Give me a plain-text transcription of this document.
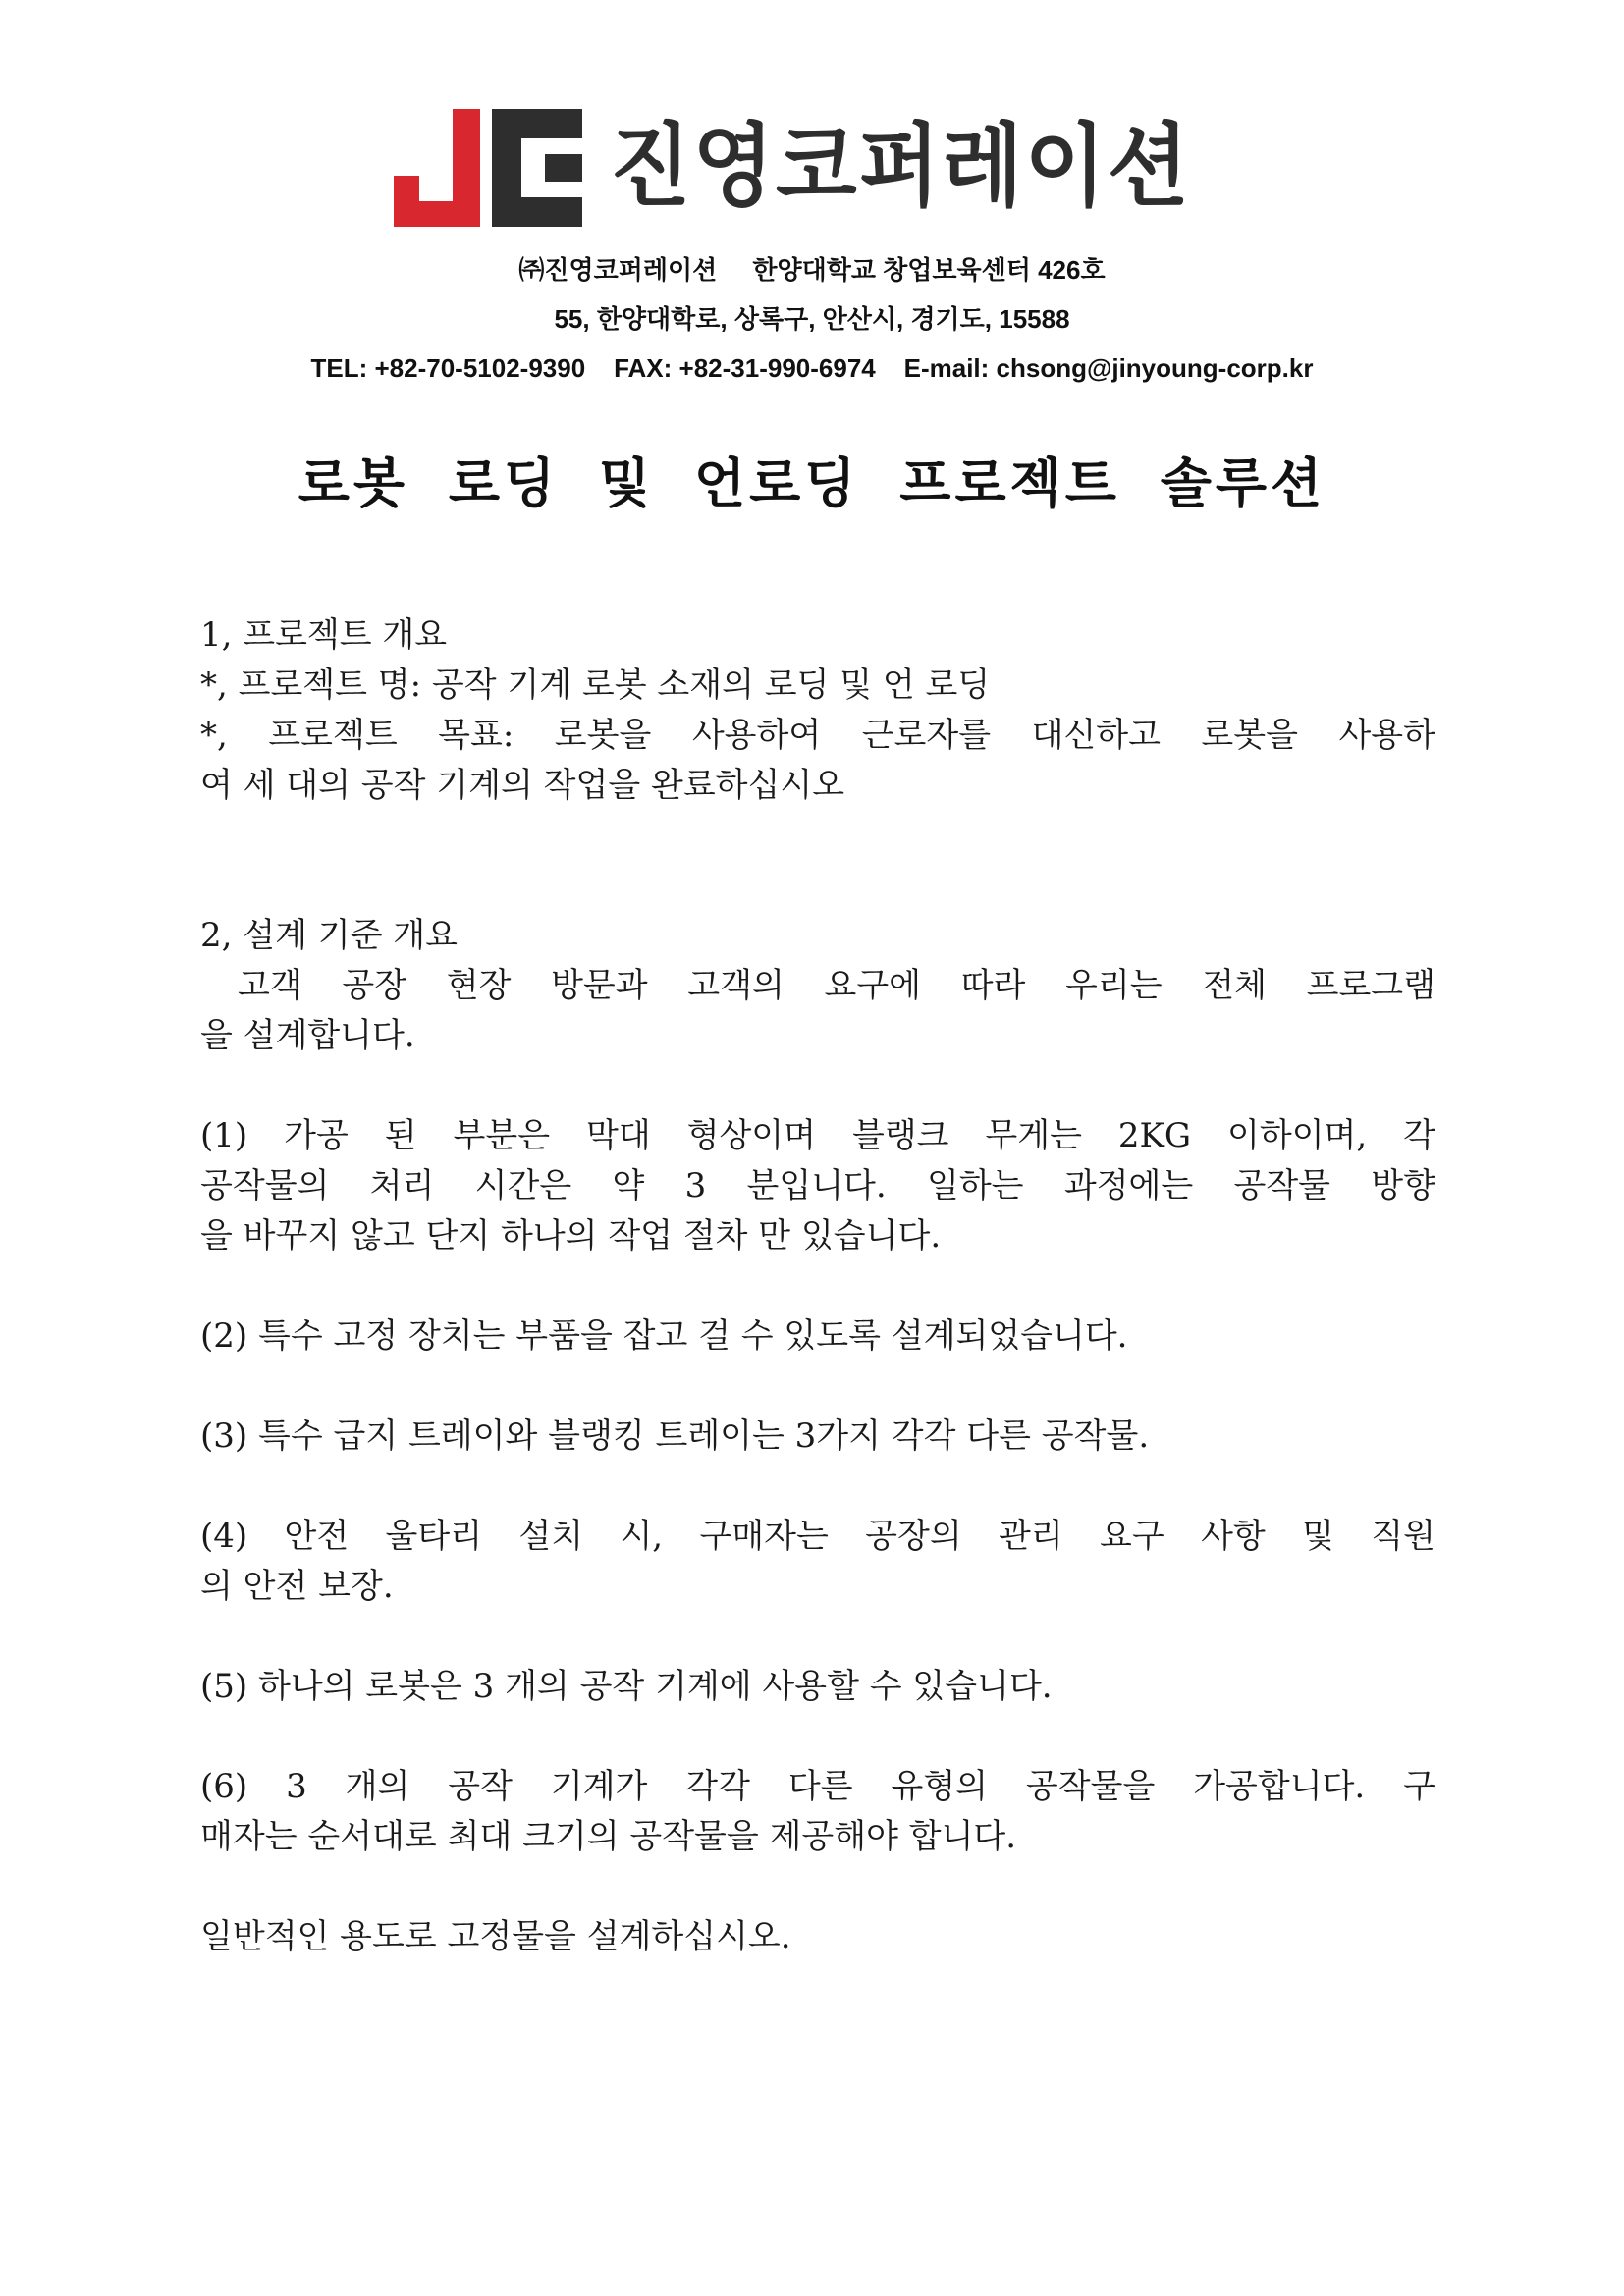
진영코퍼레이션
㈜진영코퍼레이션     한양대학교 창업보육센터 426호
55, 한양대학로, 상록구, 안산시, 경기도, 15588
TEL: +82-70-5102-9390    FAX: +82-31-990-6974    E-mail: chsong@jinyoung-corp.kr
로봇 로딩 및 언로딩 프로젝트 솔루션
1, 프로젝트 개요
*, 프로젝트 명: 공작 기계 로봇 소재의 로딩 및 언 로딩
*, 프로젝트 목표: 로봇을 사용하여 근로자를 대신하고 로봇을 사용하
여 세 대의 공작 기계의 작업을 완료하십시오
2, 설계 기준 개요
고객 공장 현장 방문과 고객의 요구에 따라 우리는 전체 프로그램
을 설계합니다.
(1) 가공 된 부분은 막대 형상이며 블랭크 무게는 2KG 이하이며, 각
공작물의 처리 시간은 약 3 분입니다. 일하는 과정에는 공작물 방향
을 바꾸지 않고 단지 하나의 작업 절차 만 있습니다.
(2) 특수 고정 장치는 부품을 잡고 걸 수 있도록 설계되었습니다.
(3) 특수 급지 트레이와 블랭킹 트레이는 3가지 각각 다른 공작물.
(4) 안전 울타리 설치 시, 구매자는 공장의 관리 요구 사항 및 직원
의 안전 보장.
(5) 하나의 로봇은 3 개의 공작 기계에 사용할 수 있습니다.
(6) 3 개의 공작 기계가 각각 다른 유형의 공작물을 가공합니다. 구
매자는 순서대로 최대 크기의 공작물을 제공해야 합니다.
일반적인 용도로 고정물을 설계하십시오.
